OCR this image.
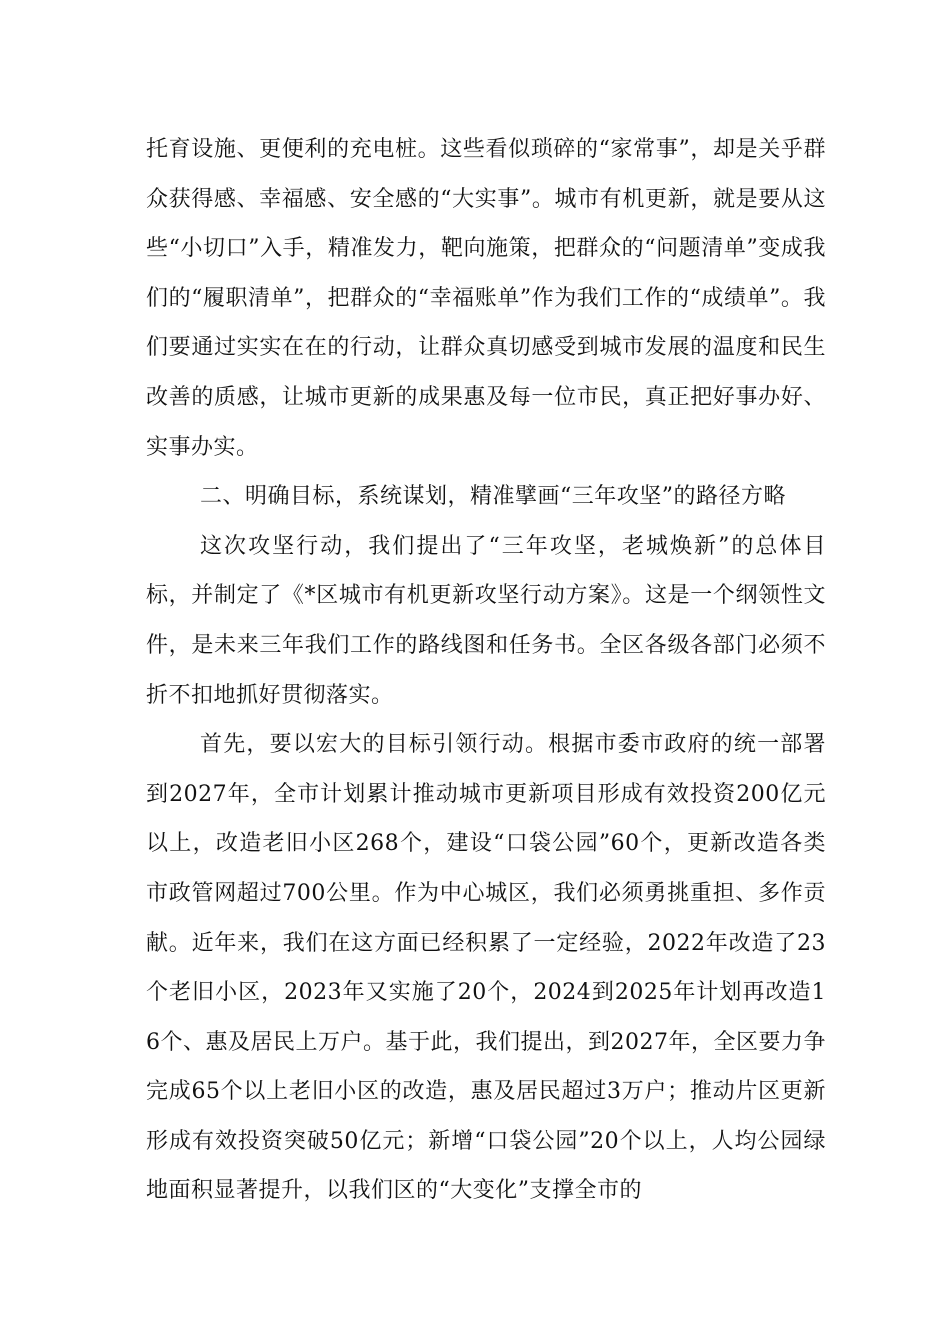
托育设施、更便利的充电桩。这些看似琐碎的“家常事”，却是关乎群众获得感、幸福感、安全感的“大实事”。城市有机更新，就是要从这些“小切口”入手，精准发力，靶向施策，把群众的“问题清单”变成我们的“履职清单”，把群众的“幸福账单”作为我们工作的“成绩单”。我们要通过实实在在的行动，让群众真切感受到城市发展的温度和民生改善的质感，让城市更新的成果惠及每一位市民，真正把好事办好、实事办实。

二、明确目标，系统谋划，精准擘画“三年攻坚”的路径方略

这次攻坚行动，我们提出了“三年攻坚，老城焕新”的总体目标，并制定了《*区城市有机更新攻坚行动方案》。这是一个纲领性文件，是未来三年我们工作的路线图和任务书。全区各级各部门必须不折不扣地抓好贯彻落实。

首先，要以宏大的目标引领行动。根据市委市政府的统一部署到2027年，全市计划累计推动城市更新项目形成有效投资200亿元以上，改造老旧小区268个，建设“口袋公园”60个，更新改造各类市政管网超过700公里。作为中心城区，我们必须勇挑重担、多作贡献。近年来，我们在这方面已经积累了一定经验，2022年改造了23个老旧小区，2023年又实施了20个，2024到2025年计划再改造16个、惠及居民上万户。基于此，我们提出，到2027年，全区要力争完成65个以上老旧小区的改造，惠及居民超过3万户；推动片区更新形成有效投资突破50亿元；新增“口袋公园”20个以上，人均公园绿地面积显著提升，以我们区的“大变化”支撑全市的
